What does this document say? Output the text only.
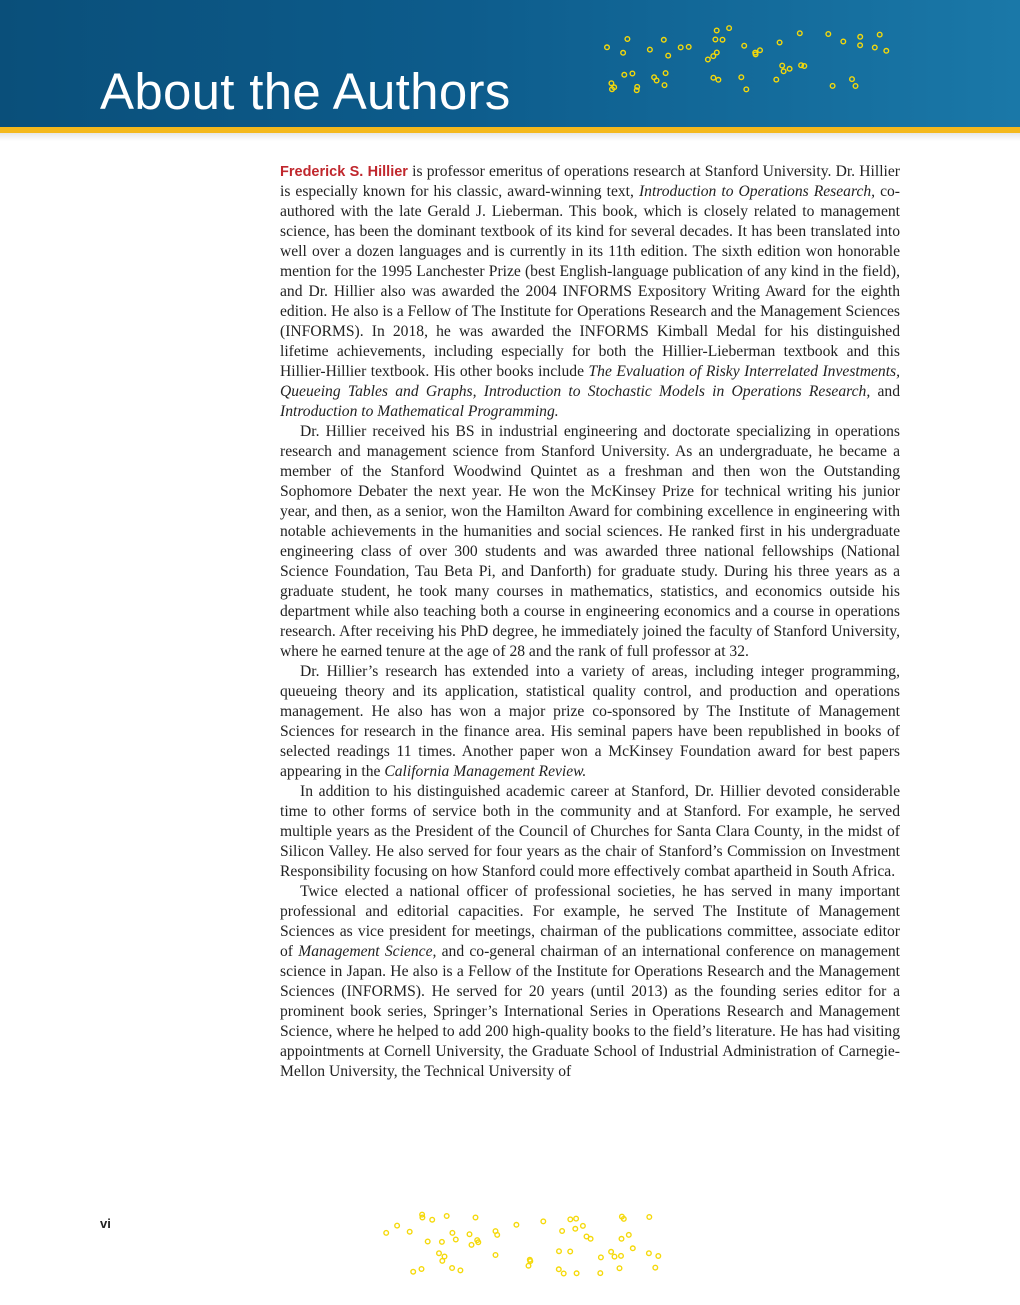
About the Authors

Frederick S. Hillier is professor emeritus of operations research at Stanford University. Dr. Hillier is especially known for his classic, award-winning text, Introduction to Operations Research, co-authored with the late Gerald J. Lieberman. This book, which is closely related to management science, has been the dominant textbook of its kind for several decades. It has been translated into well over a dozen languages and is currently in its 11th edition. The sixth edition won honorable mention for the 1995 Lanchester Prize (best English-language publication of any kind in the field), and Dr. Hillier also was awarded the 2004 INFORMS Expository Writing Award for the eighth edition. He also is a Fellow of The Institute for Operations Research and the Management Sciences (INFORMS). In 2018, he was awarded the INFORMS Kimball Medal for his distinguished lifetime achievements, including especially for both the Hillier-Lieberman textbook and this Hillier-Hillier textbook. His other books include The Evaluation of Risky Interrelated Investments, Queueing Tables and Graphs, Introduction to Stochastic Models in Operations Research, and Introduction to Mathematical Programming.

Dr. Hillier received his BS in industrial engineering and doctorate specializing in operations research and management science from Stanford University. As an undergraduate, he became a member of the Stanford Woodwind Quintet as a freshman and then won the Outstanding Sophomore Debater the next year. He won the McKinsey Prize for technical writing his junior year, and then, as a senior, won the Hamilton Award for combining excellence in engineering with notable achievements in the humanities and social sciences. He ranked first in his undergraduate engineering class of over 300 students and was awarded three national fellowships (National Science Foundation, Tau Beta Pi, and Danforth) for graduate study. During his three years as a graduate student, he took many courses in mathematics, statistics, and economics outside his department while also teaching both a course in engineering economics and a course in operations research. After receiving his PhD degree, he immediately joined the faculty of Stanford University, where he earned tenure at the age of 28 and the rank of full professor at 32.

Dr. Hillier’s research has extended into a variety of areas, including integer programming, queueing theory and its application, statistical quality control, and production and operations management. He also has won a major prize co-sponsored by The Institute of Management Sciences for research in the finance area. His seminal papers have been republished in books of selected readings 11 times. Another paper won a McKinsey Foundation award for best papers appearing in the California Management Review.

In addition to his distinguished academic career at Stanford, Dr. Hillier devoted considerable time to other forms of service both in the community and at Stanford. For example, he served multiple years as the President of the Council of Churches for Santa Clara County, in the midst of Silicon Valley. He also served for four years as the chair of Stanford’s Commission on Investment Responsibility focusing on how Stanford could more effectively combat apartheid in South Africa.

Twice elected a national officer of professional societies, he has served in many important professional and editorial capacities. For example, he served The Institute of Management Sciences as vice president for meetings, chairman of the publications committee, associate editor of Management Science, and co-general chairman of an international conference on management science in Japan. He also is a Fellow of the Institute for Operations Research and the Management Sciences (INFORMS). He served for 20 years (until 2013) as the founding series editor for a prominent book series, Springer’s International Series in Operations Research and Management Science, where he helped to add 200 high-quality books to the field’s literature. He has had visiting appointments at Cornell University, the Graduate School of Industrial Administration of Carnegie-Mellon University, the Technical University of

vi
